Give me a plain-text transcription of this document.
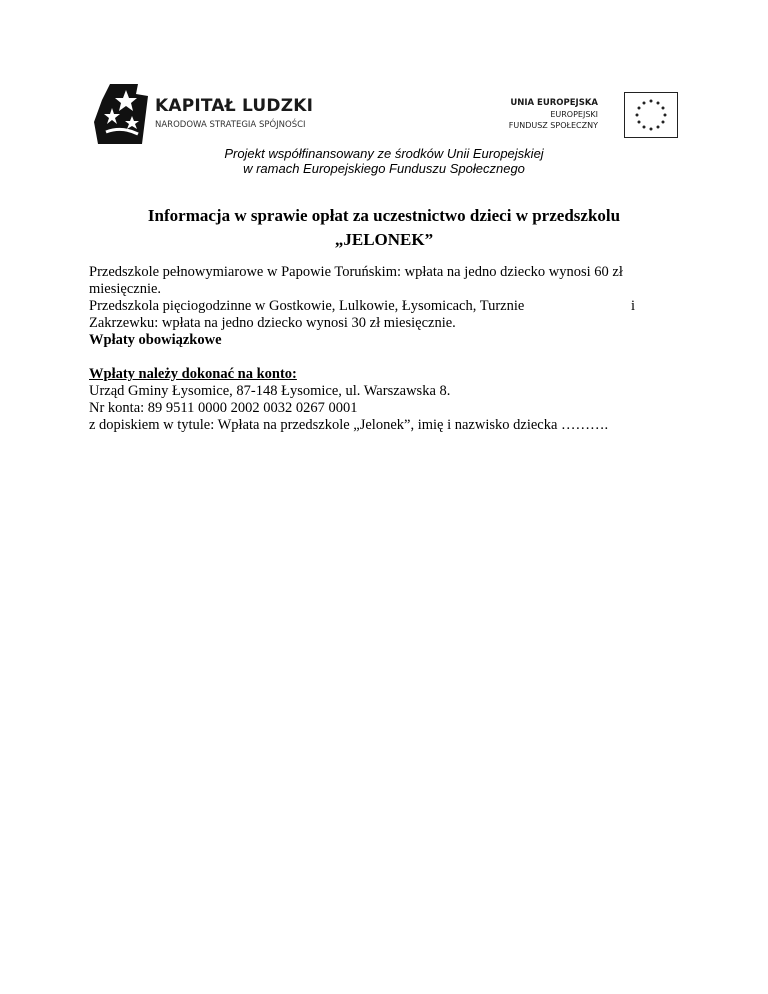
KAPITAŁ LUDZKI
NARODOWA STRATEGIA SPÓJNOŚCI
UNIA EUROPEJSKA
EUROPEJSKI
FUNDUSZ SPOŁECZNY
Projekt współfinansowany ze środków Unii Europejskiej
w ramach Europejskiego Funduszu Społecznego
Informacja w sprawie opłat za uczestnictwo dzieci w przedszkolu
„JELONEK”
Przedszkole pełnowymiarowe w Papowie Toruńskim: wpłata na jedno dziecko wynosi 60 zł
miesięcznie.
Przedszkola pięciogodzinne w Gostkowie, Lulkowie, Łysomicach, Turznie	i
Zakrzewku: wpłata na jedno dziecko wynosi 30 zł miesięcznie.
Wpłaty obowiązkowe
Wpłaty należy dokonać na konto:
Urząd Gminy Łysomice, 87-148 Łysomice, ul. Warszawska 8.
Nr konta: 89 9511 0000 2002 0032 0267 0001
z dopiskiem w tytule: Wpłata na przedszkole „Jelonek”, imię i nazwisko dziecka ……….
